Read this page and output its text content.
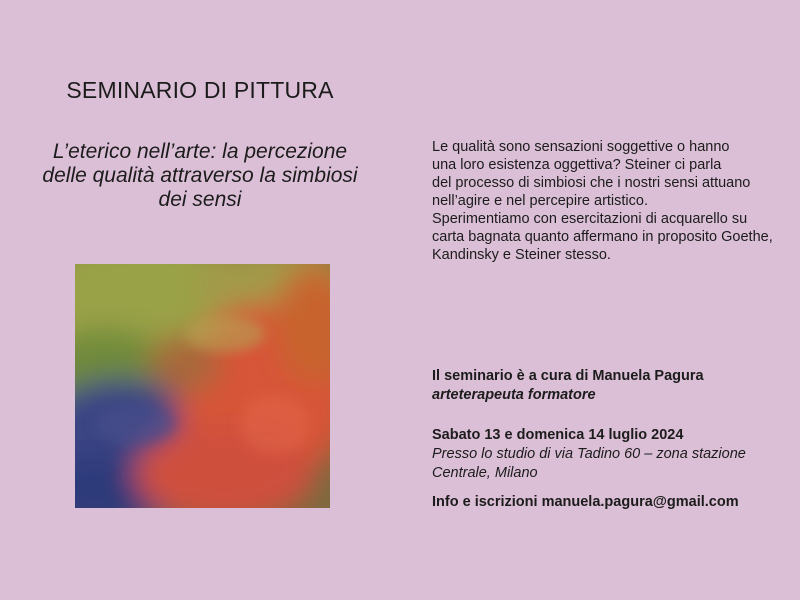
SEMINARIO DI PITTURA
L’eterico nell’arte: la percezione
delle qualità attraverso la simbiosi
dei sensi
Le qualità sono sensazioni soggettive o hanno
una loro esistenza oggettiva? Steiner ci parla
del processo di simbiosi che i nostri sensi attuano
nell’agire e nel percepire artistico.
Sperimentiamo con esercitazioni di acquarello su
carta bagnata quanto affermano in proposito Goethe,
Kandinsky e Steiner stesso.
Il seminario è a cura di Manuela Pagura
arteterapeuta formatore
Sabato 13 e domenica 14 luglio 2024
Presso lo studio di via Tadino 60 – zona stazione
Centrale, Milano
Info e iscrizioni manuela.pagura@gmail.com
